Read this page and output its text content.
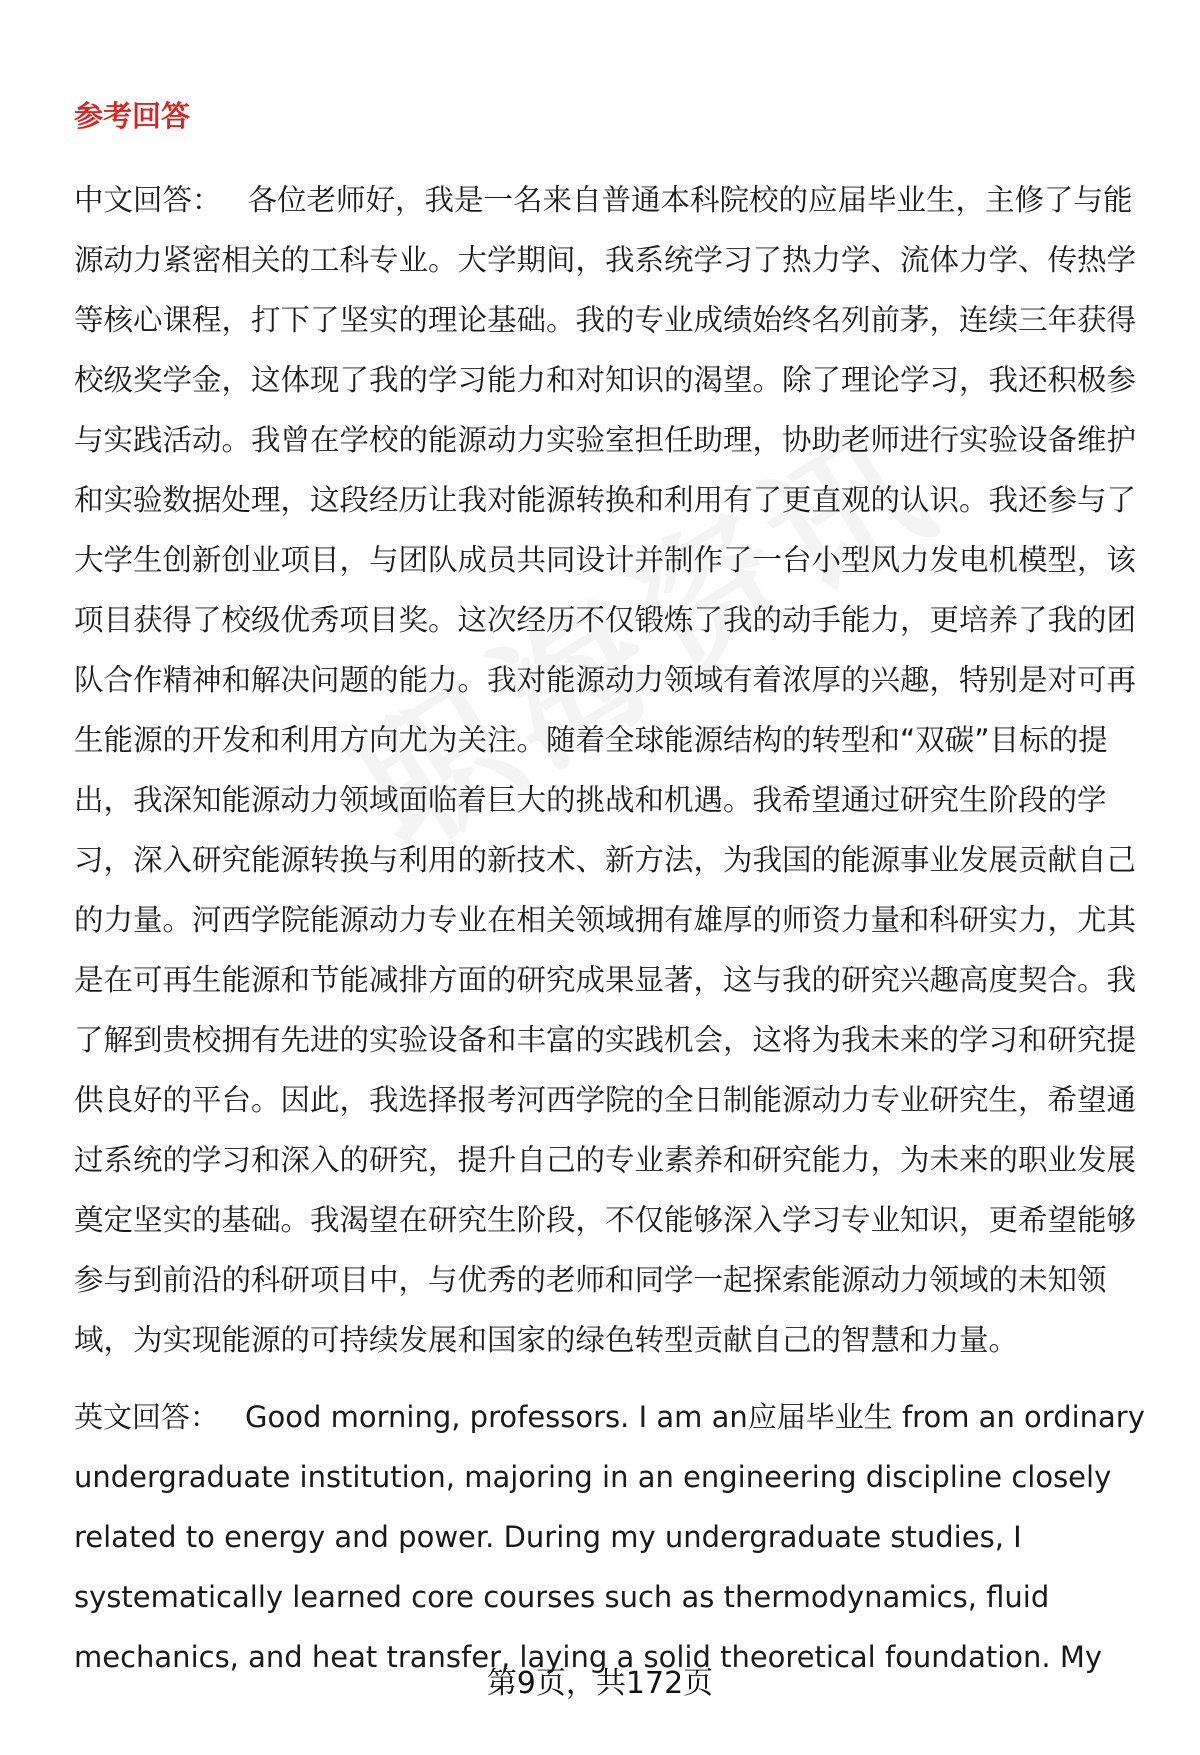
参考回答

中文回答： 各位老师好，我是一名来自普通本科院校的应届毕业生，主修了与能源动力紧密相关的工科专业。大学期间，我系统学习了热力学、流体力学、传热学等核心课程，打下了坚实的理论基础。我的专业成绩始终名列前茅，连续三年获得校级奖学金，这体现了我的学习能力和对知识的渴望。除了理论学习，我还积极参与实践活动。我曾在学校的能源动力实验室担任助理，协助老师进行实验设备维护和实验数据处理，这段经历让我对能源转换和利用有了更直观的认识。我还参与了大学生创新创业项目，与团队成员共同设计并制作了一台小型风力发电机模型，该项目获得了校级优秀项目奖。这次经历不仅锻炼了我的动手能力，更培养了我的团队合作精神和解决问题的能力。我对能源动力领域有着浓厚的兴趣，特别是对可再生能源的开发和利用方向尤为关注。随着全球能源结构的转型和“双碳”目标的提出，我深知能源动力领域面临着巨大的挑战和机遇。我希望通过研究生阶段的学习，深入研究能源转换与利用的新技术、新方法，为我国的能源事业发展贡献自己的力量。河西学院能源动力专业在相关领域拥有雄厚的师资力量和科研实力，尤其是在可再生能源和节能减排方面的研究成果显著，这与我的研究兴趣高度契合。我了解到贵校拥有先进的实验设备和丰富的实践机会，这将为我未来的学习和研究提供良好的平台。因此，我选择报考河西学院的全日制能源动力专业研究生，希望通过系统的学习和深入的研究，提升自己的专业素养和研究能力，为未来的职业发展奠定坚实的基础。我渴望在研究生阶段，不仅能够深入学习专业知识，更希望能够参与到前沿的科研项目中，与优秀的老师和同学一起探索能源动力领域的未知领域，为实现能源的可持续发展和国家的绿色转型贡献自己的智慧和力量。

英文回答： Good morning, professors. I am an应届毕业生 from an ordinary undergraduate institution, majoring in an engineering discipline closely related to energy and power. During my undergraduate studies, I systematically learned core courses such as thermodynamics, fluid mechanics, and heat transfer, laying a solid theoretical foundation. My

第9页，共172页
